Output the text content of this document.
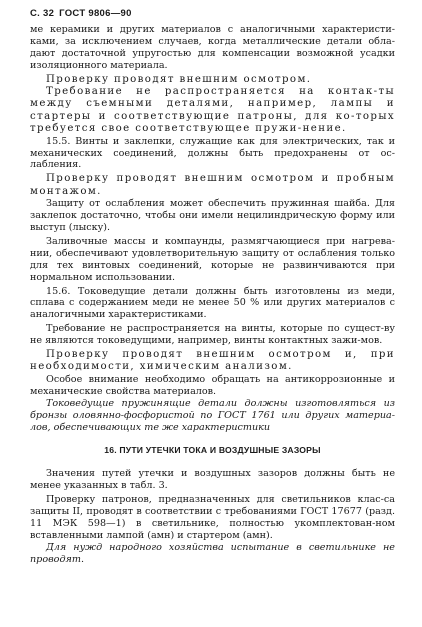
С. 32 ГОСТ 9806—90

ме керамики и других материалов с аналогичными характеристи-ками, за исключением случаев, когда металлические детали обла-дают достаточной упругостью для компенсации возможной усадки изоляционного материала.

Проверку проводят внешним осмотром.

Требование не распространяется на контак-ты между съемными деталями, например, лампы и стартеры и соответствующие патроны, для ко-торых требуется свое соответствующее пружи-нение.

15.5. Винты и заклепки, служащие как для электрических, так и механических соединений, должны быть предохранены от ос-лабления.

Проверку проводят внешним осмотром и пробным монтажом.

Защиту от ослабления может обеспечить пружинная шайба. Для заклепок достаточно, чтобы они имели нецилиндрическую форму или выступ (лыску).

Заливочные массы и компаунды, размягчающиеся при нагрева-нии, обеспечивают удовлетворительную защиту от ослабления только для тех винтовых соединений, которые не развинчиваются при нормальном использовании.

15.6. Токоведущие детали должны быть изготовлены из меди, сплава с содержанием меди не менее 50 % или других материалов с аналогичными характеристиками.

Требование не распространяется на винты, которые по сущест-ву не являются токоведущими, например, винты контактных зажи-мов.

Проверку проводят внешним осмотром и, при необходимости, химическим анализом.

Особое внимание необходимо обращать на антикоррозионные и механические свойства материалов.

Токоведущие пружинящие детали должны изготовляться из бронзы оловянно-фосфористой по ГОСТ 1761 или других материа-лов, обеспечивающих те же характеристики

16. ПУТИ УТЕЧКИ ТОКА И ВОЗДУШНЫЕ ЗАЗОРЫ

Значения путей утечки и воздушных зазоров должны быть не менее указанных в табл. 3.

Проверку патронов, предназначенных для светильников клас-са защиты II, проводят в соответствии с требованиями ГОСТ 17677 (разд. 11 МЭК 598—1) в светильнике, полностью укомплектован-ном вставленными лампой (амн) и стартером (амн).

Для нужд народного хозяйства испытание в светильнике не проводят.
